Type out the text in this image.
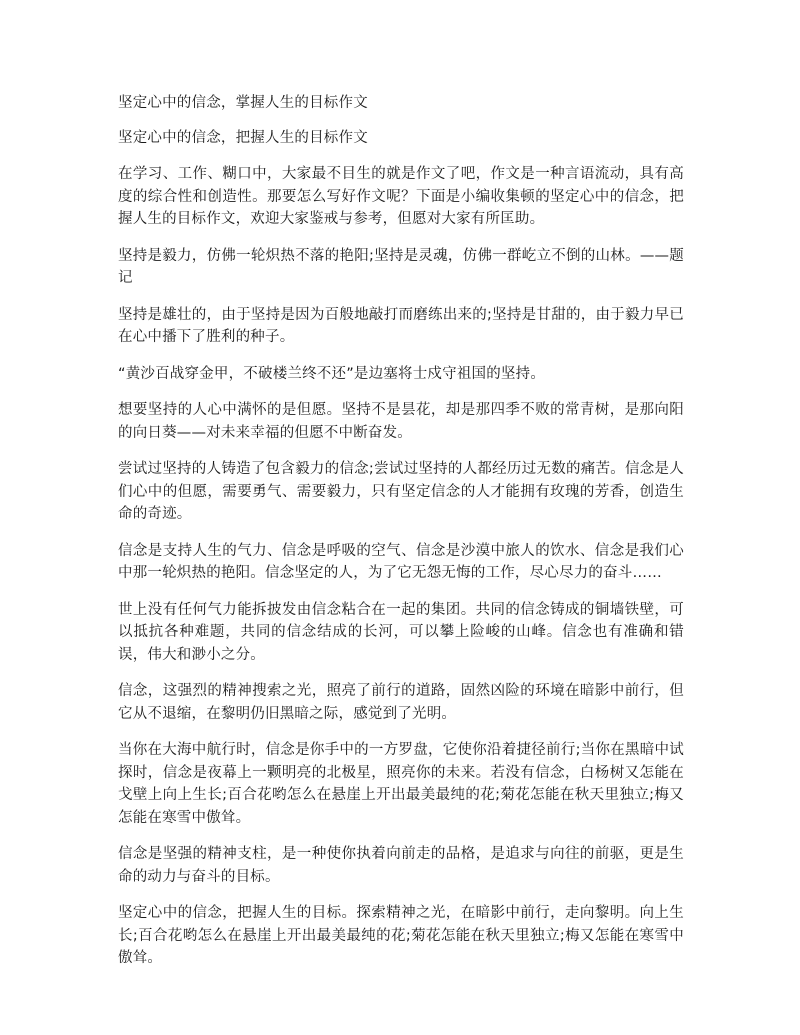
坚定心中的信念，掌握人生的目标作文

坚定心中的信念，把握人生的目标作文

在学习、工作、糊口中，大家最不目生的就是作文了吧，作文是一种言语流动，具有高度的综合性和创造性。那要怎么写好作文呢？下面是小编收集顿的坚定心中的信念，把握人生的目标作文，欢迎大家鉴戒与参考，但愿对大家有所匡助。

坚持是毅力，仿佛一轮炽热不落的艳阳;坚持是灵魂，仿佛一群屹立不倒的山林。——题记

坚持是雄壮的，由于坚持是因为百般地敲打而磨练出来的;坚持是甘甜的，由于毅力早已在心中播下了胜利的种子。

“黄沙百战穿金甲，不破楼兰终不还”是边塞将士戍守祖国的坚持。

想要坚持的人心中满怀的是但愿。坚持不是昙花，却是那四季不败的常青树，是那向阳的向日葵——对未来幸福的但愿不中断奋发。

尝试过坚持的人铸造了包含毅力的信念;尝试过坚持的人都经历过无数的痛苦。信念是人们心中的但愿，需要勇气、需要毅力，只有坚定信念的人才能拥有玫瑰的芳香，创造生命的奇迹。

信念是支持人生的气力、信念是呼吸的空气、信念是沙漠中旅人的饮水、信念是我们心中那一轮炽热的艳阳。信念坚定的人，为了它无怨无悔的工作，尽心尽力的奋斗……

世上没有任何气力能拆披发由信念粘合在一起的集团。共同的信念铸成的铜墙铁壁，可以抵抗各种难题，共同的信念结成的长河，可以攀上险峻的山峰。信念也有准确和错误，伟大和渺小之分。

信念，这强烈的精神搜索之光，照亮了前行的道路，固然凶险的环境在暗影中前行，但它从不退缩，在黎明仍旧黑暗之际，感觉到了光明。

当你在大海中航行时，信念是你手中的一方罗盘，它使你沿着捷径前行;当你在黑暗中试探时，信念是夜幕上一颗明亮的北极星，照亮你的未来。若没有信念，白杨树又怎能在戈壁上向上生长;百合花哟怎么在悬崖上开出最美最纯的花;菊花怎能在秋天里独立;梅又怎能在寒雪中傲耸。

信念是坚强的精神支柱，是一种使你执着向前走的品格，是追求与向往的前驱，更是生命的动力与奋斗的目标。

坚定心中的信念，把握人生的目标。探索精神之光，在暗影中前行，走向黎明。向上生长;百合花哟怎么在悬崖上开出最美最纯的花;菊花怎能在秋天里独立;梅又怎能在寒雪中傲耸。
